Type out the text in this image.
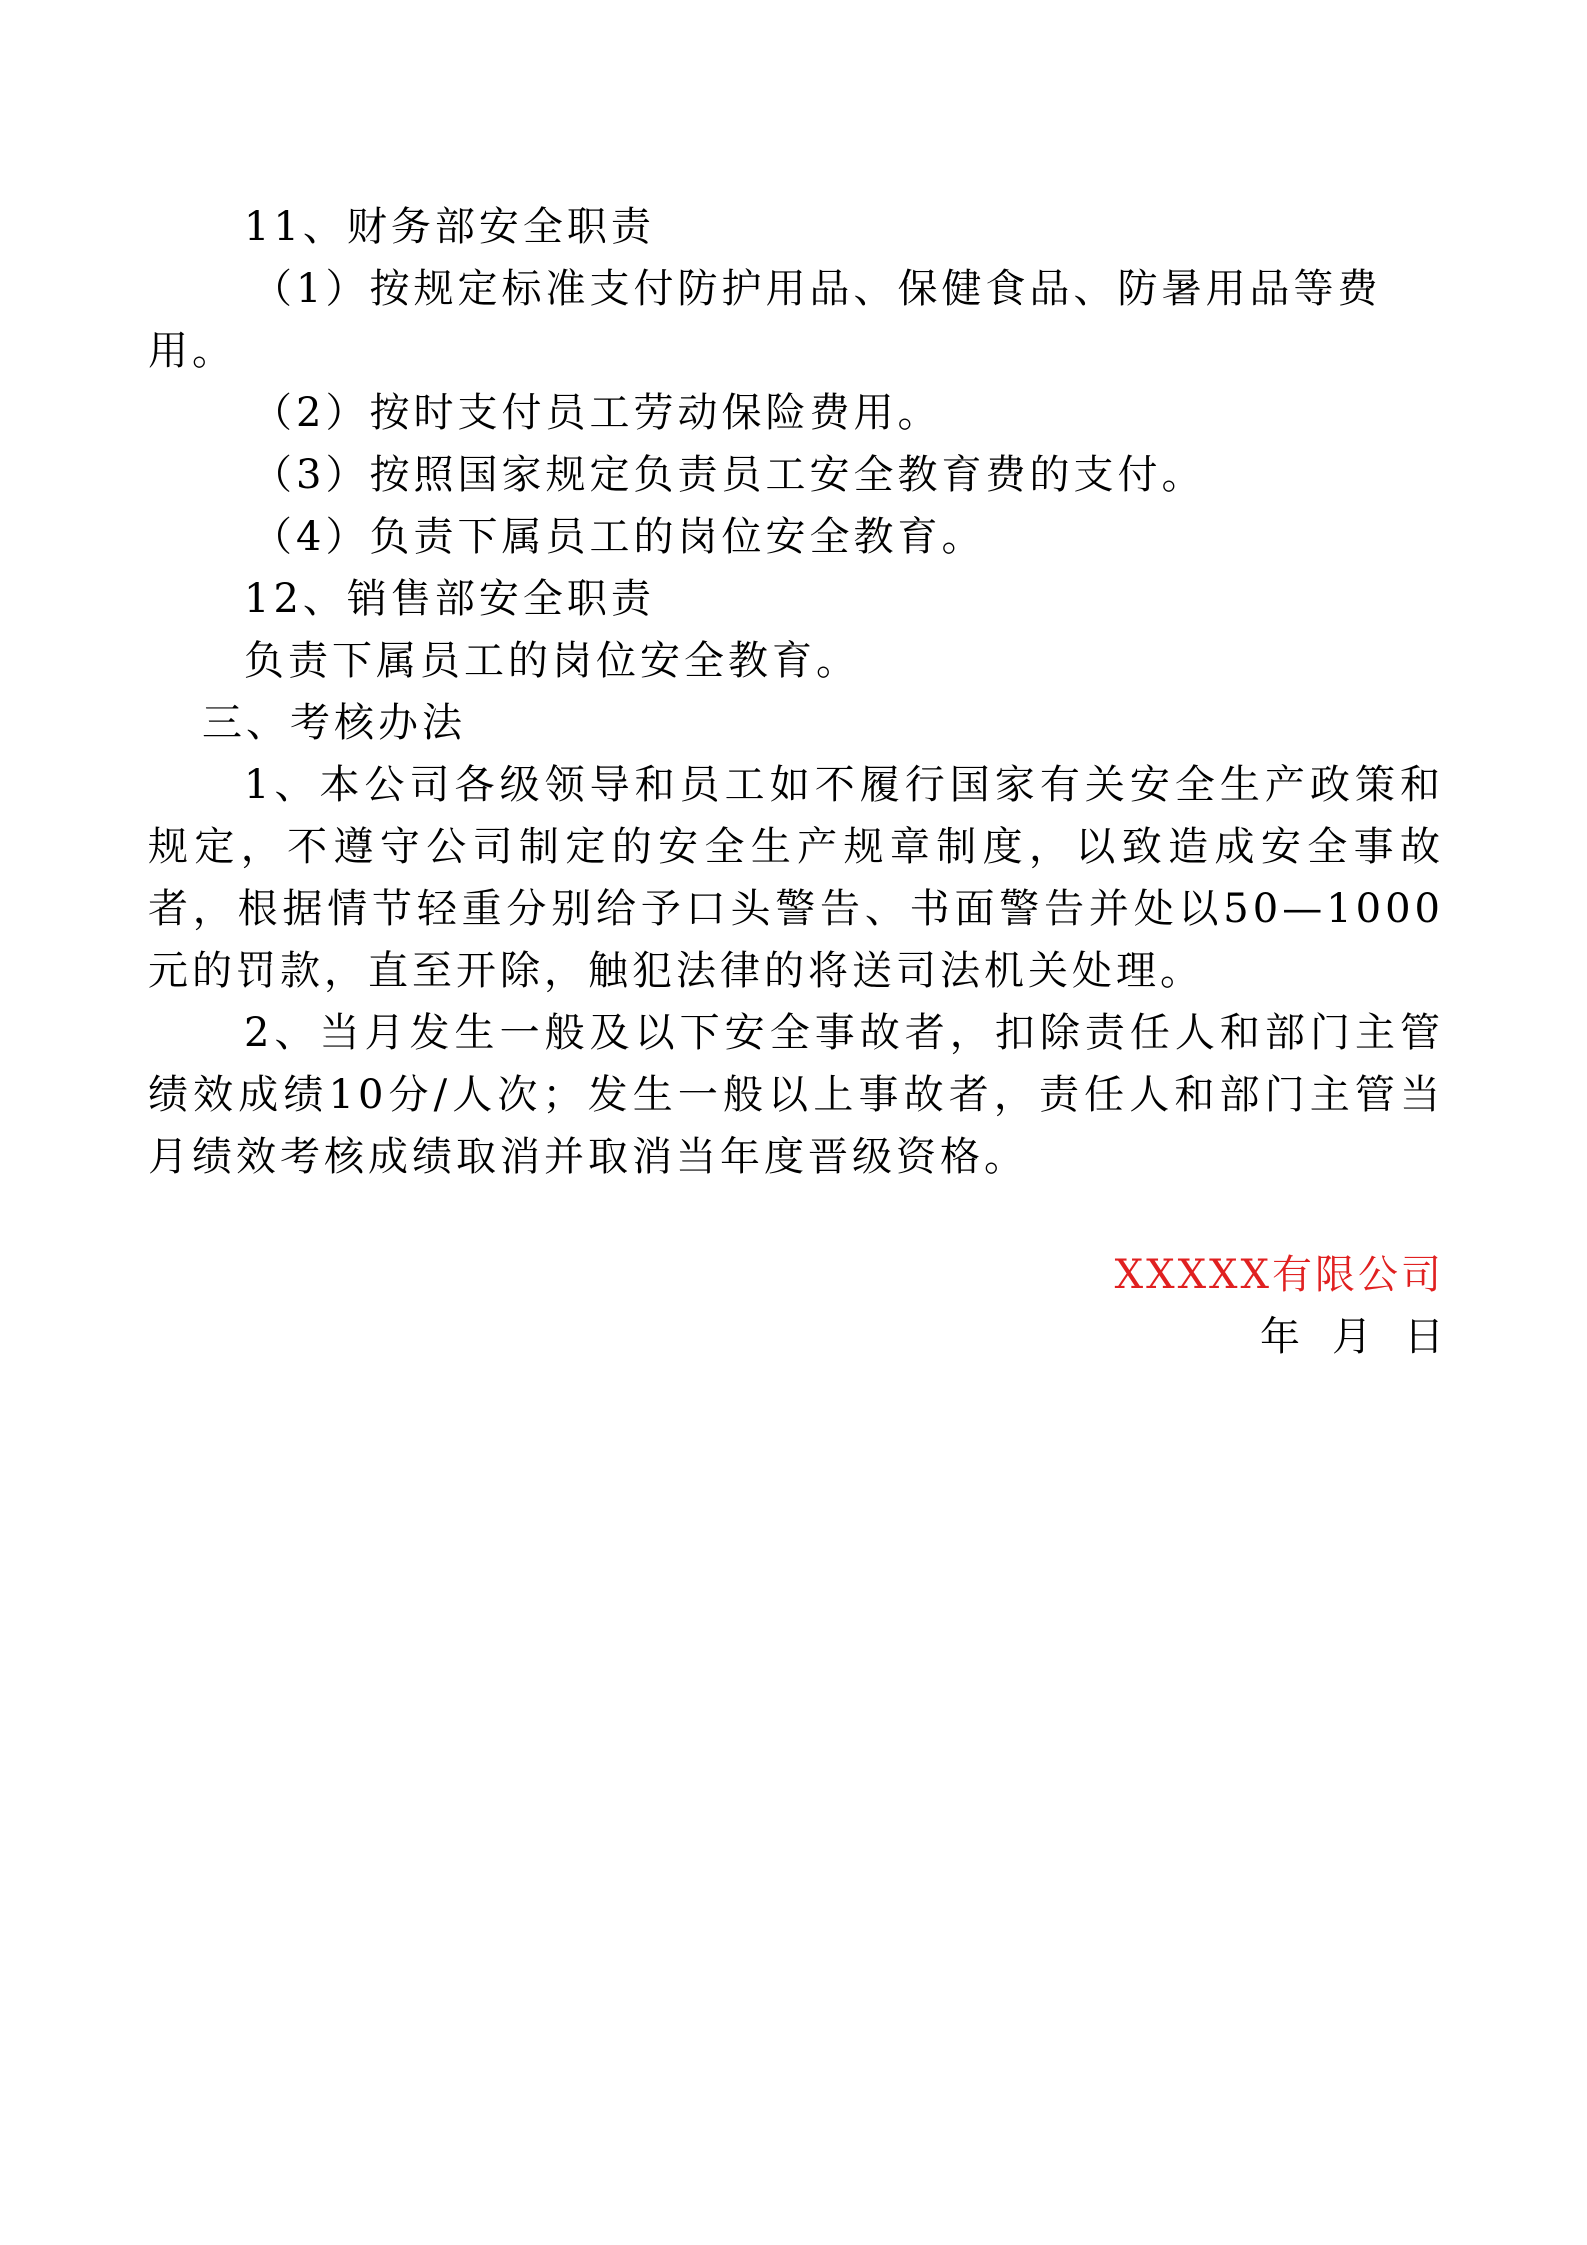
11、财务部安全职责

（1）按规定标准支付防护用品、保健食品、防暑用品等费

用。

（2）按时支付员工劳动保险费用。

（3）按照国家规定负责员工安全教育费的支付。

（4）负责下属员工的岗位安全教育。

12、销售部安全职责

负责下属员工的岗位安全教育。

三、考核办法

1、本公司各级领导和员工如不履行国家有关安全生产政策和规定，不遵守公司制定的安全生产规章制度，以致造成安全事故者，根据情节轻重分别给予口头警告、书面警告并处以50—1000元的罚款，直至开除，触犯法律的将送司法机关处理。

2、当月发生一般及以下安全事故者，扣除责任人和部门主管绩效成绩10分/人次；发生一般以上事故者，责任人和部门主管当月绩效考核成绩取消并取消当年度晋级资格。

XXXXX有限公司
年 月 日
